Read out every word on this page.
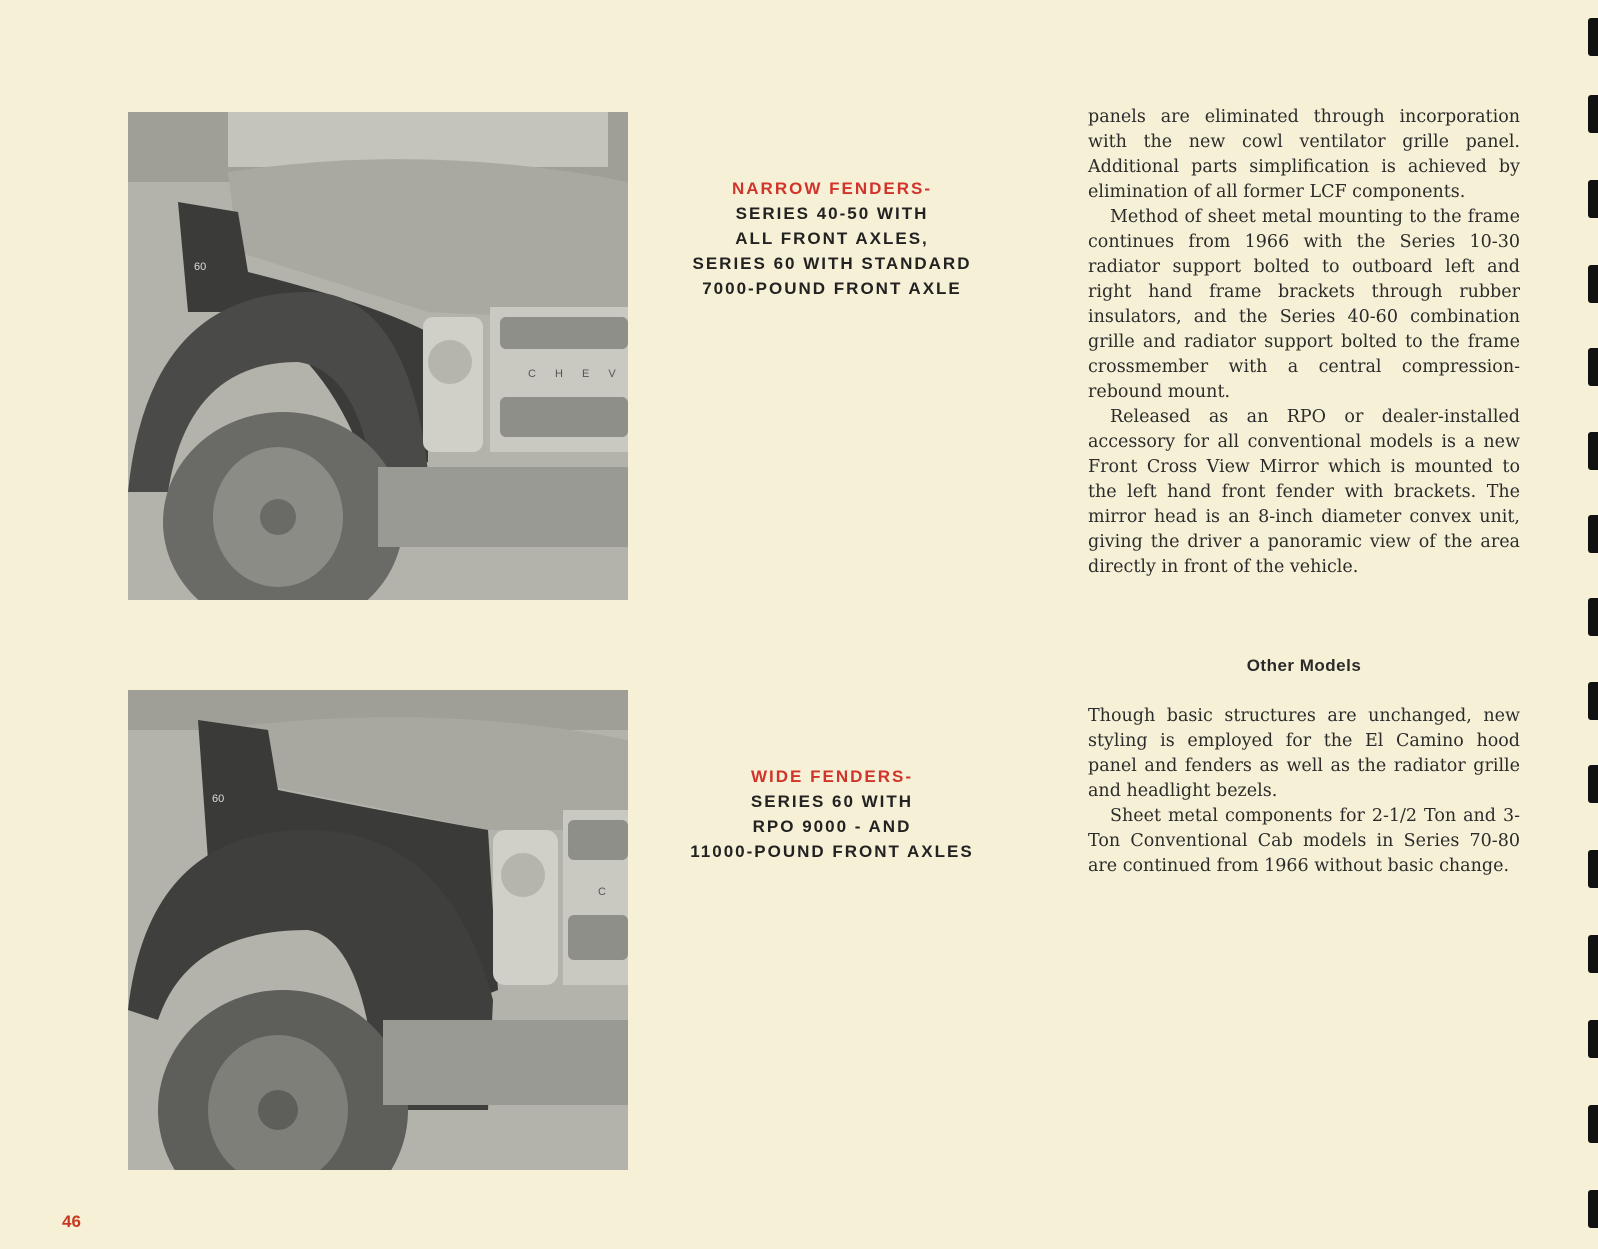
C H E V
60
C
60
NARROW FENDERS-
SERIES 40-50 WITH
ALL FRONT AXLES,
SERIES 60 WITH STANDARD
7000-POUND FRONT AXLE
WIDE FENDERS-
SERIES 60 WITH
RPO 9000 - AND
11000-POUND FRONT AXLES

panels are eliminated through incorporation with the new cowl ventilator grille panel. Additional parts simplification is achieved by elimination of all former LCF components.

Method of sheet metal mounting to the frame continues from 1966 with the Series 10-30 radiator support bolted to outboard left and right hand frame brackets through rubber insulators, and the Series 40-60 combination grille and radiator support bolted to the frame crossmember with a central compression-rebound mount.

Released as an RPO or dealer-installed accessory for all conventional models is a new Front Cross View Mirror which is mounted to the left hand front fender with brackets. The mirror head is an 8-inch diameter convex unit, giving the driver a panoramic view of the area directly in front of the vehicle.

Other Models

Though basic structures are unchanged, new styling is employed for the El Camino hood panel and fenders as well as the radiator grille and headlight bezels.

Sheet metal components for 2-1/2 Ton and 3-Ton Conventional Cab models in Series 70-80 are continued from 1966 without basic change.

46
